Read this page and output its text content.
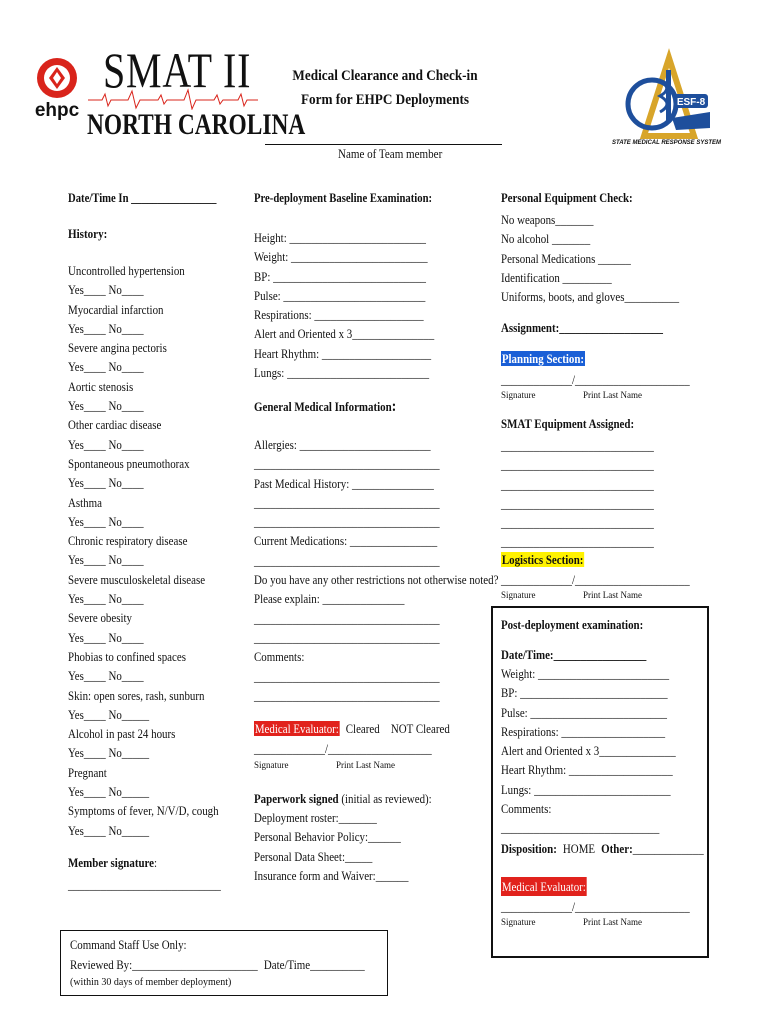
ehpc
SMAT II
NORTH CAROLINA
Medical Clearance and Check-in
Form for EHPC Deployments
Name of Team member
ESF-8
STATE MEDICAL RESPONSE SYSTEM
Date/Time In ________________
History:

Uncontrolled hypertension

Yes____ No____

Myocardial infarction

Yes____ No____

Severe angina pectoris

Yes____ No____

Aortic stenosis

Yes____ No____

Other cardiac disease

Yes____ No____

Spontaneous pneumothorax

Yes____ No____

Asthma

Yes____ No____

Chronic respiratory disease

Yes____ No____

Severe musculoskeletal disease

Yes____ No____

Severe obesity

Yes____ No____

Phobias to confined spaces

Yes____ No____

Skin: open sores, rash, sunburn

Yes____ No_____

Alcohol in past 24 hours

Yes____ No_____

Pregnant

Yes____ No_____

Symptoms of fever, N/V/D, cough

Yes____ No_____

Member signature:
____________________________
Pre-deployment Baseline Examination:

Height: _________________________

Weight: _________________________

BP: ____________________________

Pulse: __________________________

Respirations: ____________________

Alert and Oriented x 3_______________

Heart Rhythm: ____________________

Lungs: __________________________

General Medical Information:

Allergies: ________________________

__________________________________

Past Medical History: _______________

__________________________________

__________________________________

Current Medications: ________________

__________________________________

Do you have any other restrictions not otherwise noted?

Please explain: _______________

__________________________________

__________________________________

Comments:

__________________________________

__________________________________

Medical Evaluator: Cleared NOT Cleared
_____________/___________________
Signature	Print Last Name
Paperwork signed (initial as reviewed):

Deployment roster:_______

Personal Behavior Policy:______

Personal Data Sheet:_____

Insurance form and Waiver:______

Personal Equipment Check:

No weapons_______

No alcohol _______

Personal Medications ______

Identification _________

Uniforms, boots, and gloves__________

Assignment:___________________
Planning Section:
_____________/_____________________
Signature	Print Last Name
SMAT Equipment Assigned:

____________________________

____________________________

____________________________

____________________________

____________________________

____________________________

Logistics Section:
_____________/_____________________
Signature	Print Last Name
Post-deployment examination:
Date/Time:_________________

Weight: ________________________

BP: ___________________________

Pulse: _________________________

Respirations: ___________________

Alert and Oriented x 3______________

Heart Rhythm: ___________________

Lungs: _________________________

Comments:

_____________________________

Disposition: HOME Other:_____________
Medical Evaluator:
_____________/_____________________
Signature	Print Last Name
Command Staff Use Only:
Reviewed By:_______________________ Date/Time__________
(within 30 days of member deployment)
